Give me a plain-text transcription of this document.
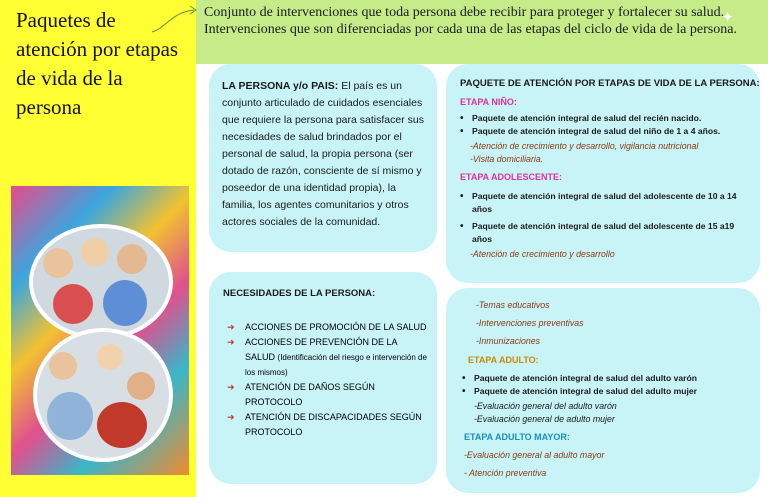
Paquetes de atención por etapas de vida de la persona

Conjunto de intervenciones que toda persona debe recibir para proteger y fortalecer su salud.

Intervenciones que son diferenciadas por cada una de las etapas del ciclo de vida de la persona.

✦

LA PERSONA y/o PAIS: El país es un conjunto articulado de cuidados esenciales que requiere la persona para satisfacer sus necesidades de salud brindados por el personal de salud, la propia persona (ser dotado de razón, consciente de sí mismo y poseedor de una identidad propia), la familia, los agentes comunitarios y otros actores sociales de la comunidad.

NECESIDADES DE LA PERSONA:

➜ ACCIONES DE PROMOCIÓN DE LA SALUD
➜ ACCIONES DE PREVENCIÓN DE LA SALUD (Identificación del riesgo e intervención de los mismos)
➜ ATENCIÓN DE DAÑOS SEGÚN PROTOCOLO
➜ ATENCIÓN DE DISCAPACIDADES SEGÚN PROTOCOLO

PAQUETE DE ATENCIÓN POR ETAPAS DE VIDA DE LA PERSONA:

ETAPA NIÑO:

• Paquete de atención integral de salud del recién nacido.
• Paquete de atención integral de salud del niño de 1 a 4 años.

-Atención de crecimiento y desarrollo, vigilancia nutricional

-Visita domiciliaria.

ETAPA ADOLESCENTE:

• Paquete de atención integral de salud del adolescente de 10 a 14 años
• Paquete de atención integral de salud del adolescente de 15 a19 años

-Atención de crecimiento y desarrollo

-Temas educativos

-Intervenciones preventivas

-Inmunizaciones

ETAPA ADULTO:

• Paquete de atención integral de salud del adulto varón
• Paquete de atención integral de salud del adulto mujer

-Evaluación general del adulto varón

-Evaluación general de adulto mujer

ETAPA ADULTO MAYOR:

-Evaluación general al adulto mayor

- Atención preventiva
